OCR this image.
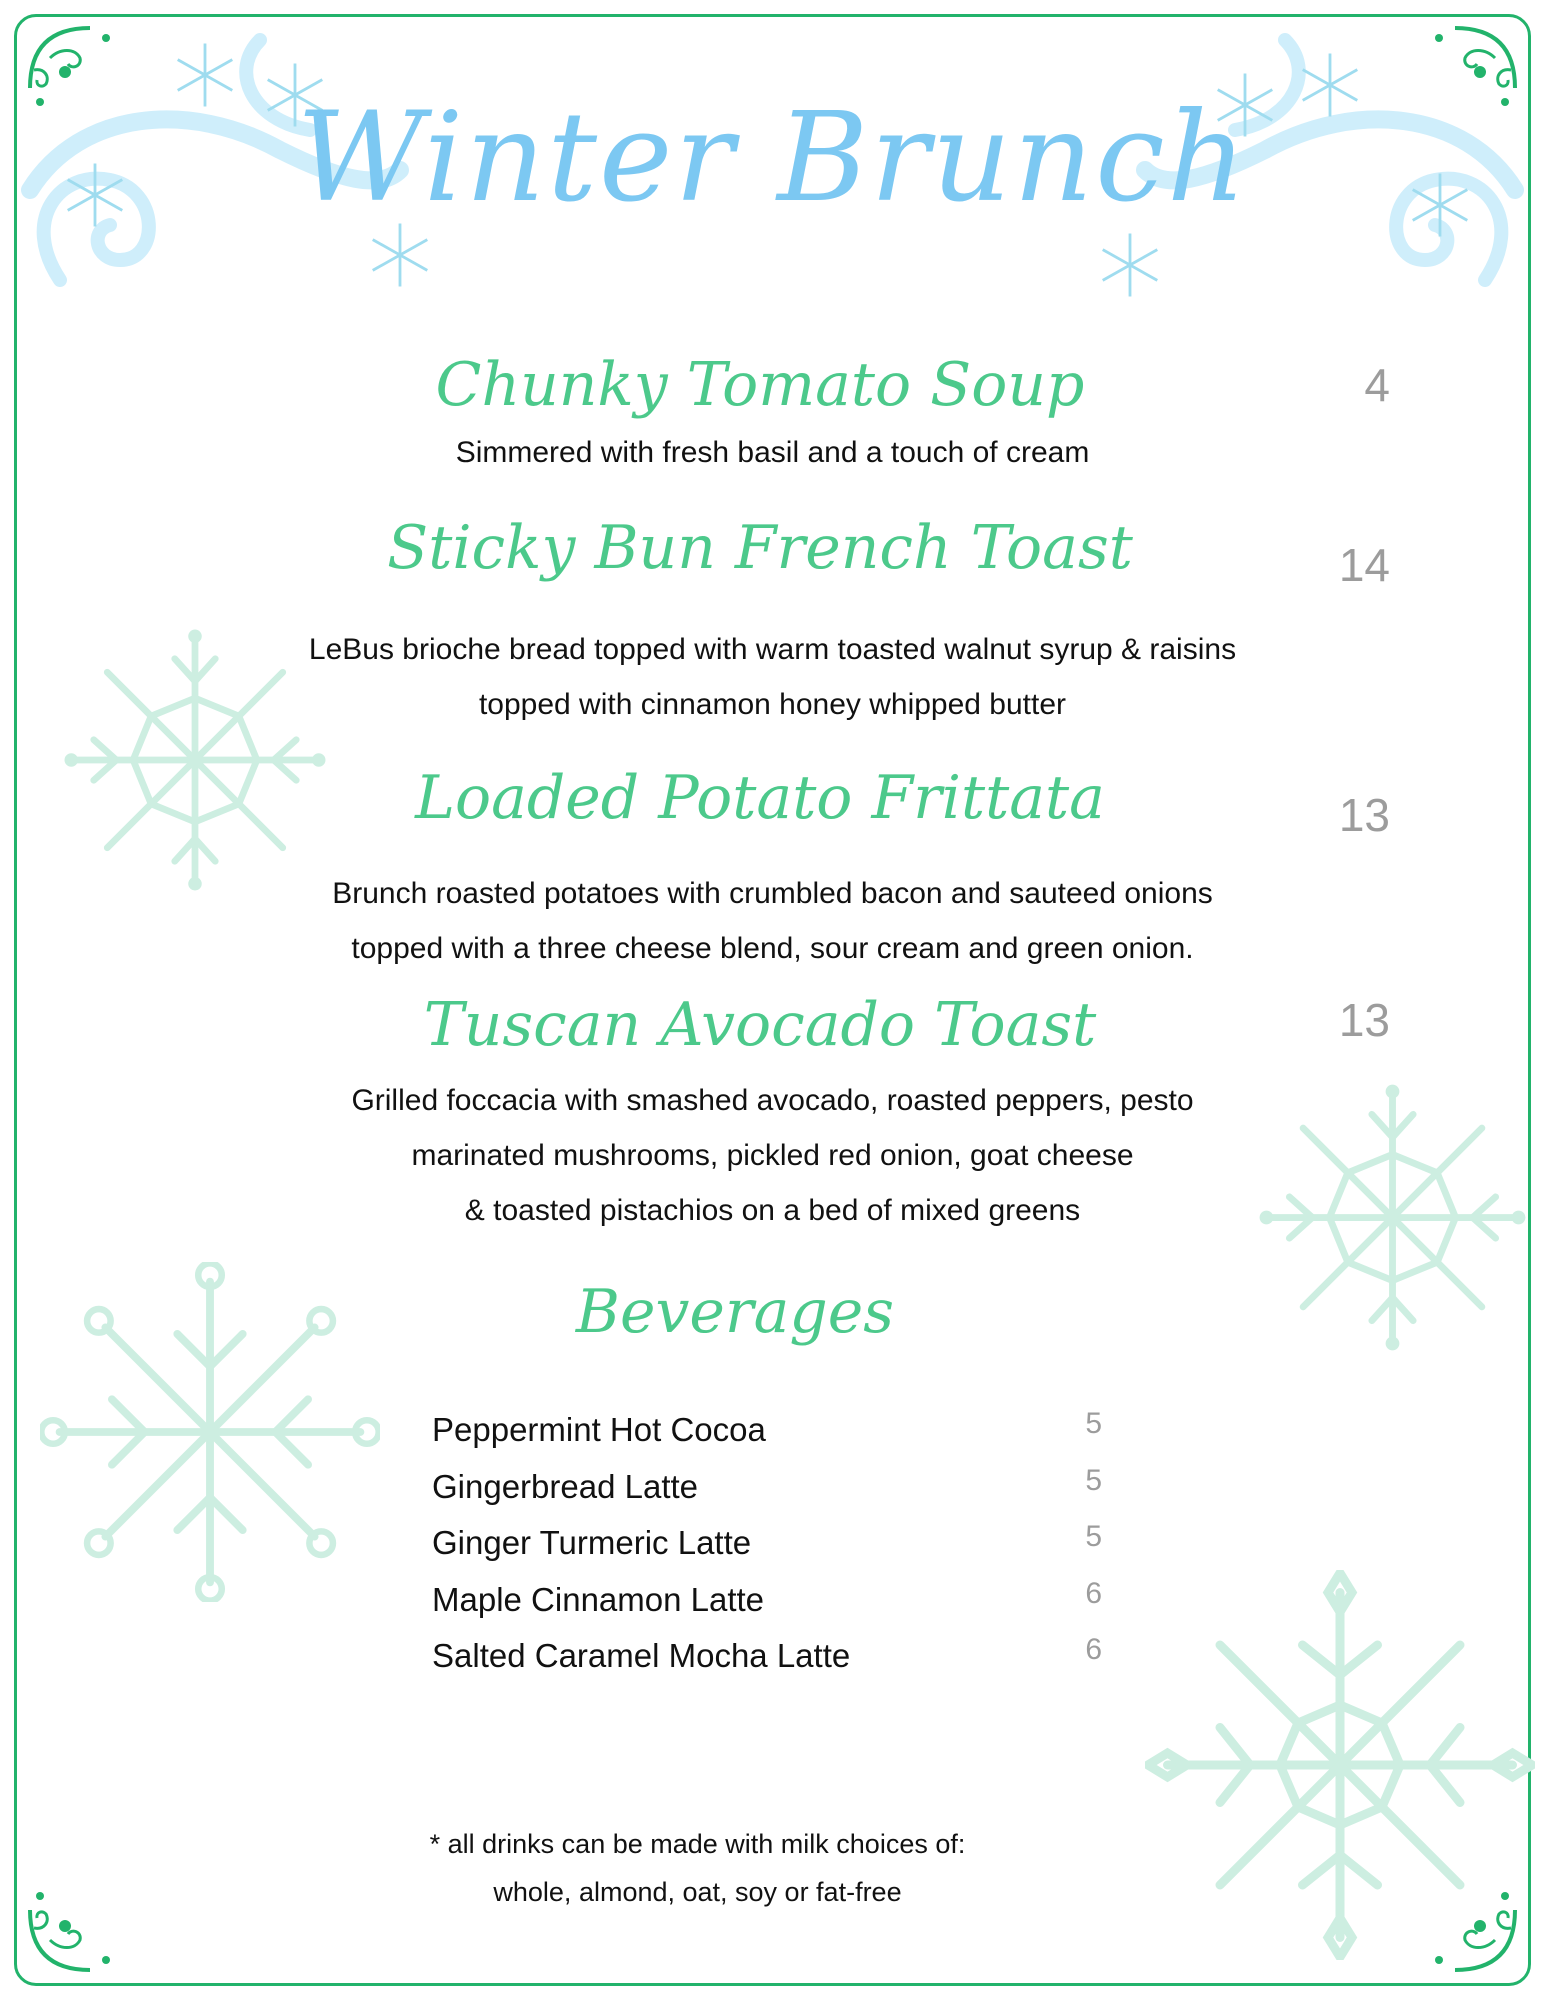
Winter Brunch
Chunky Tomato Soup	4
Simmered with fresh basil and a touch of cream
Sticky Bun French Toast	14
LeBus brioche bread topped with warm toasted walnut syrup & raisins
topped with cinnamon honey whipped butter
Loaded Potato Frittata	13
Brunch roasted potatoes with crumbled bacon and sauteed onions
topped with a three cheese blend, sour cream and green onion.
Tuscan Avocado Toast	13
Grilled foccacia with smashed avocado, roasted peppers, pesto
marinated mushrooms, pickled red onion, goat cheese
& toasted pistachios on a bed of mixed greens
Beverages
Peppermint Hot Cocoa	5
Gingerbread Latte	5
Ginger Turmeric Latte	5
Maple Cinnamon Latte	6
Salted Caramel Mocha Latte	6
* all drinks can be made with milk choices of:
whole, almond, oat, soy or fat-free
